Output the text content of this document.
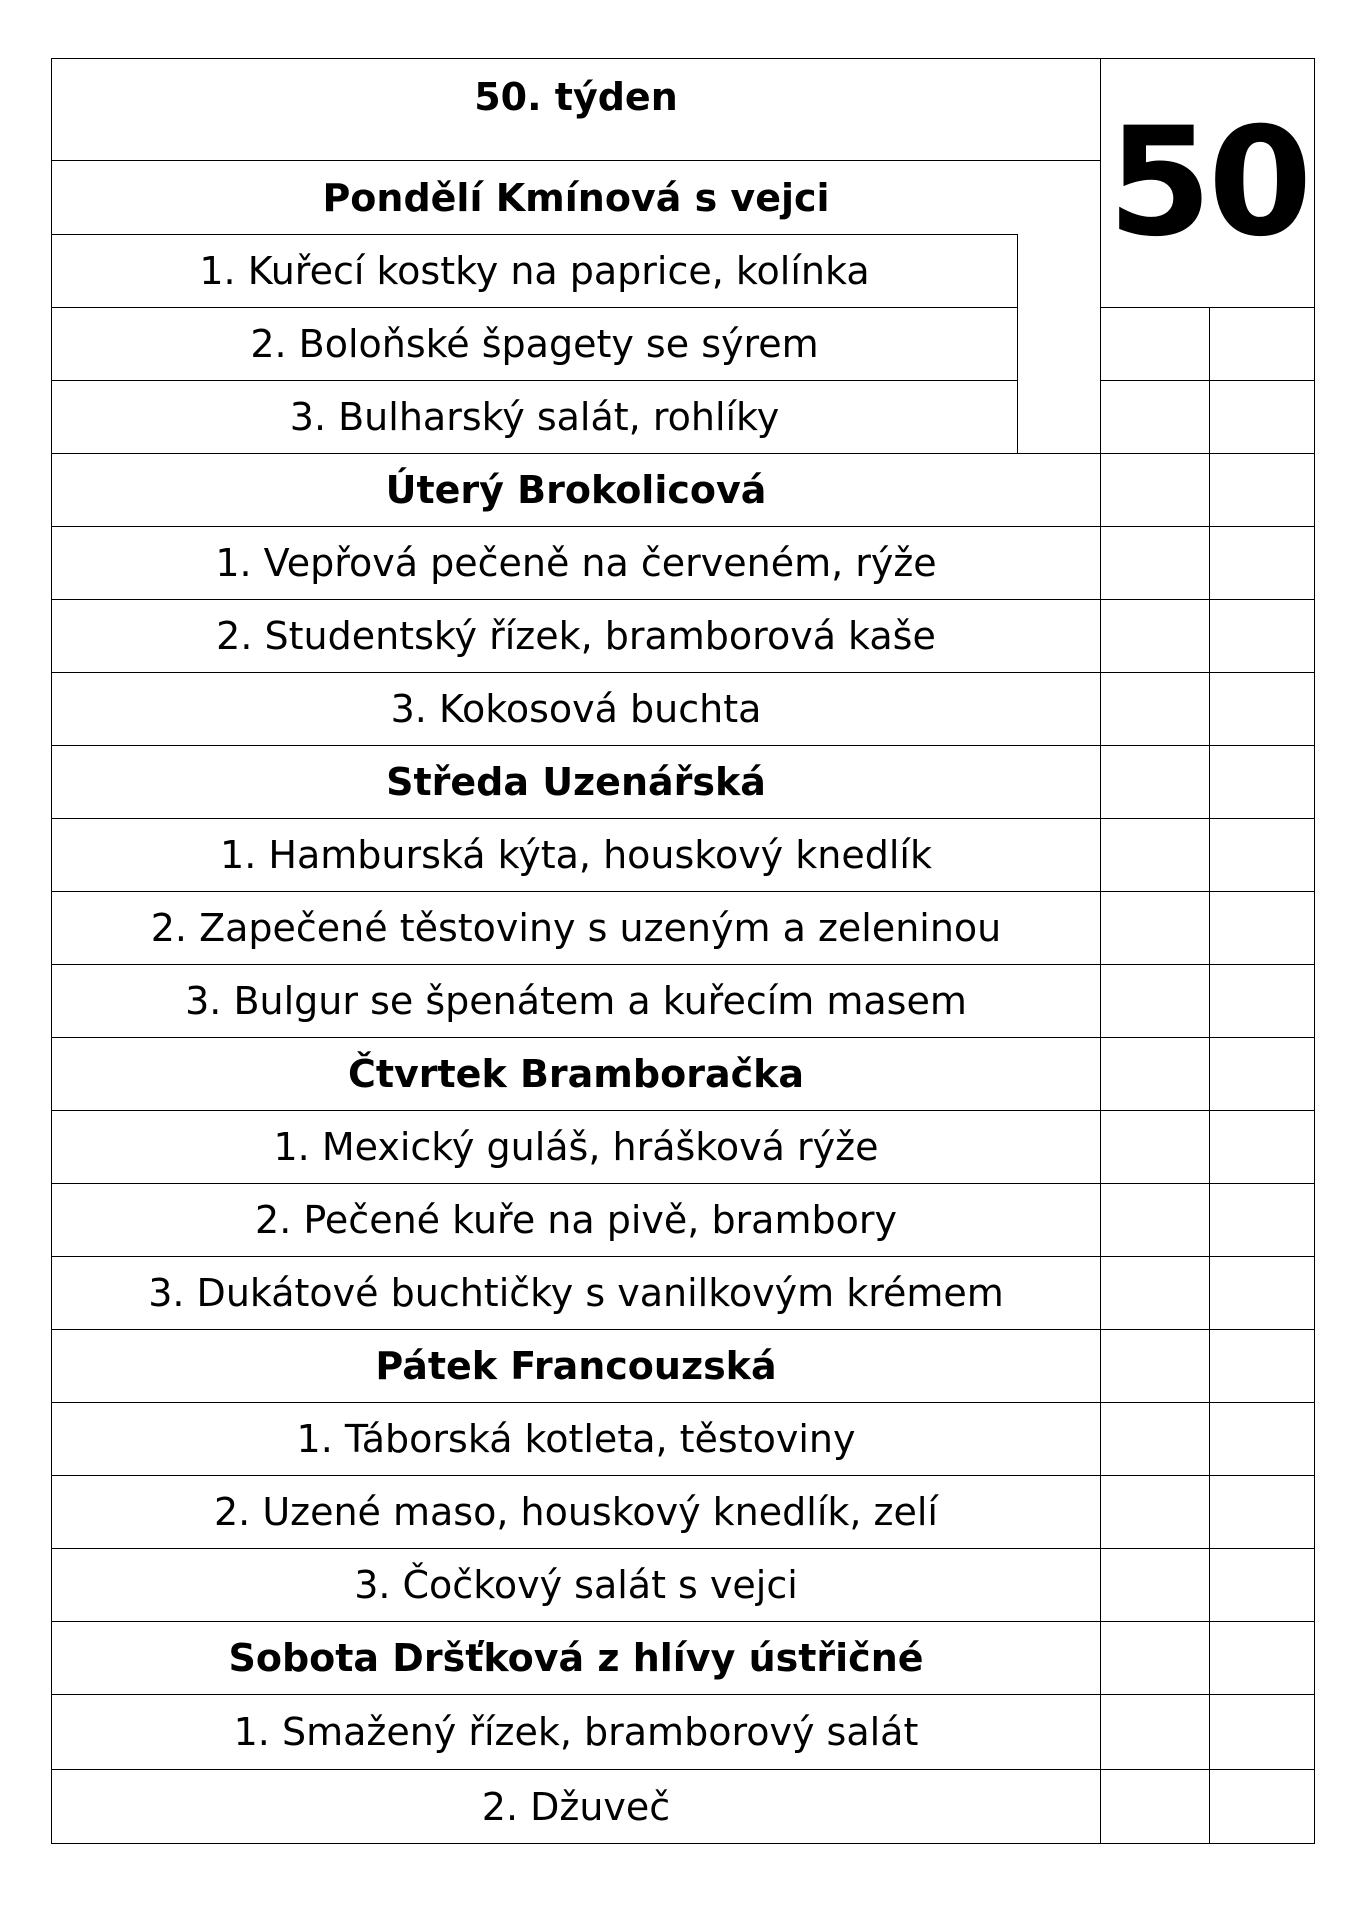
50. týden	50
Pondělí Kmínová s vejci
1. Kuřecí kostky na paprice, kolínka
2. Boloňské špagety se sýrem
3. Bulharský salát, rohlíky
Úterý Brokolicová
1. Vepřová pečeně na červeném, rýže
2. Studentský řízek, bramborová kaše
3. Kokosová buchta
Středa Uzenářská
1. Hamburská kýta, houskový knedlík
2. Zapečené těstoviny s uzeným a zeleninou
3. Bulgur se špenátem a kuřecím masem
Čtvrtek Bramboračka
1. Mexický guláš, hrášková rýže
2. Pečené kuře na pivě, brambory
3. Dukátové buchtičky s vanilkovým krémem
Pátek Francouzská
1. Táborská kotleta, těstoviny
2. Uzené maso, houskový knedlík, zelí
3. Čočkový salát s vejci
Sobota Dršťková z hlívy ústřičné
1. Smažený řízek, bramborový salát
2. Džuveč
